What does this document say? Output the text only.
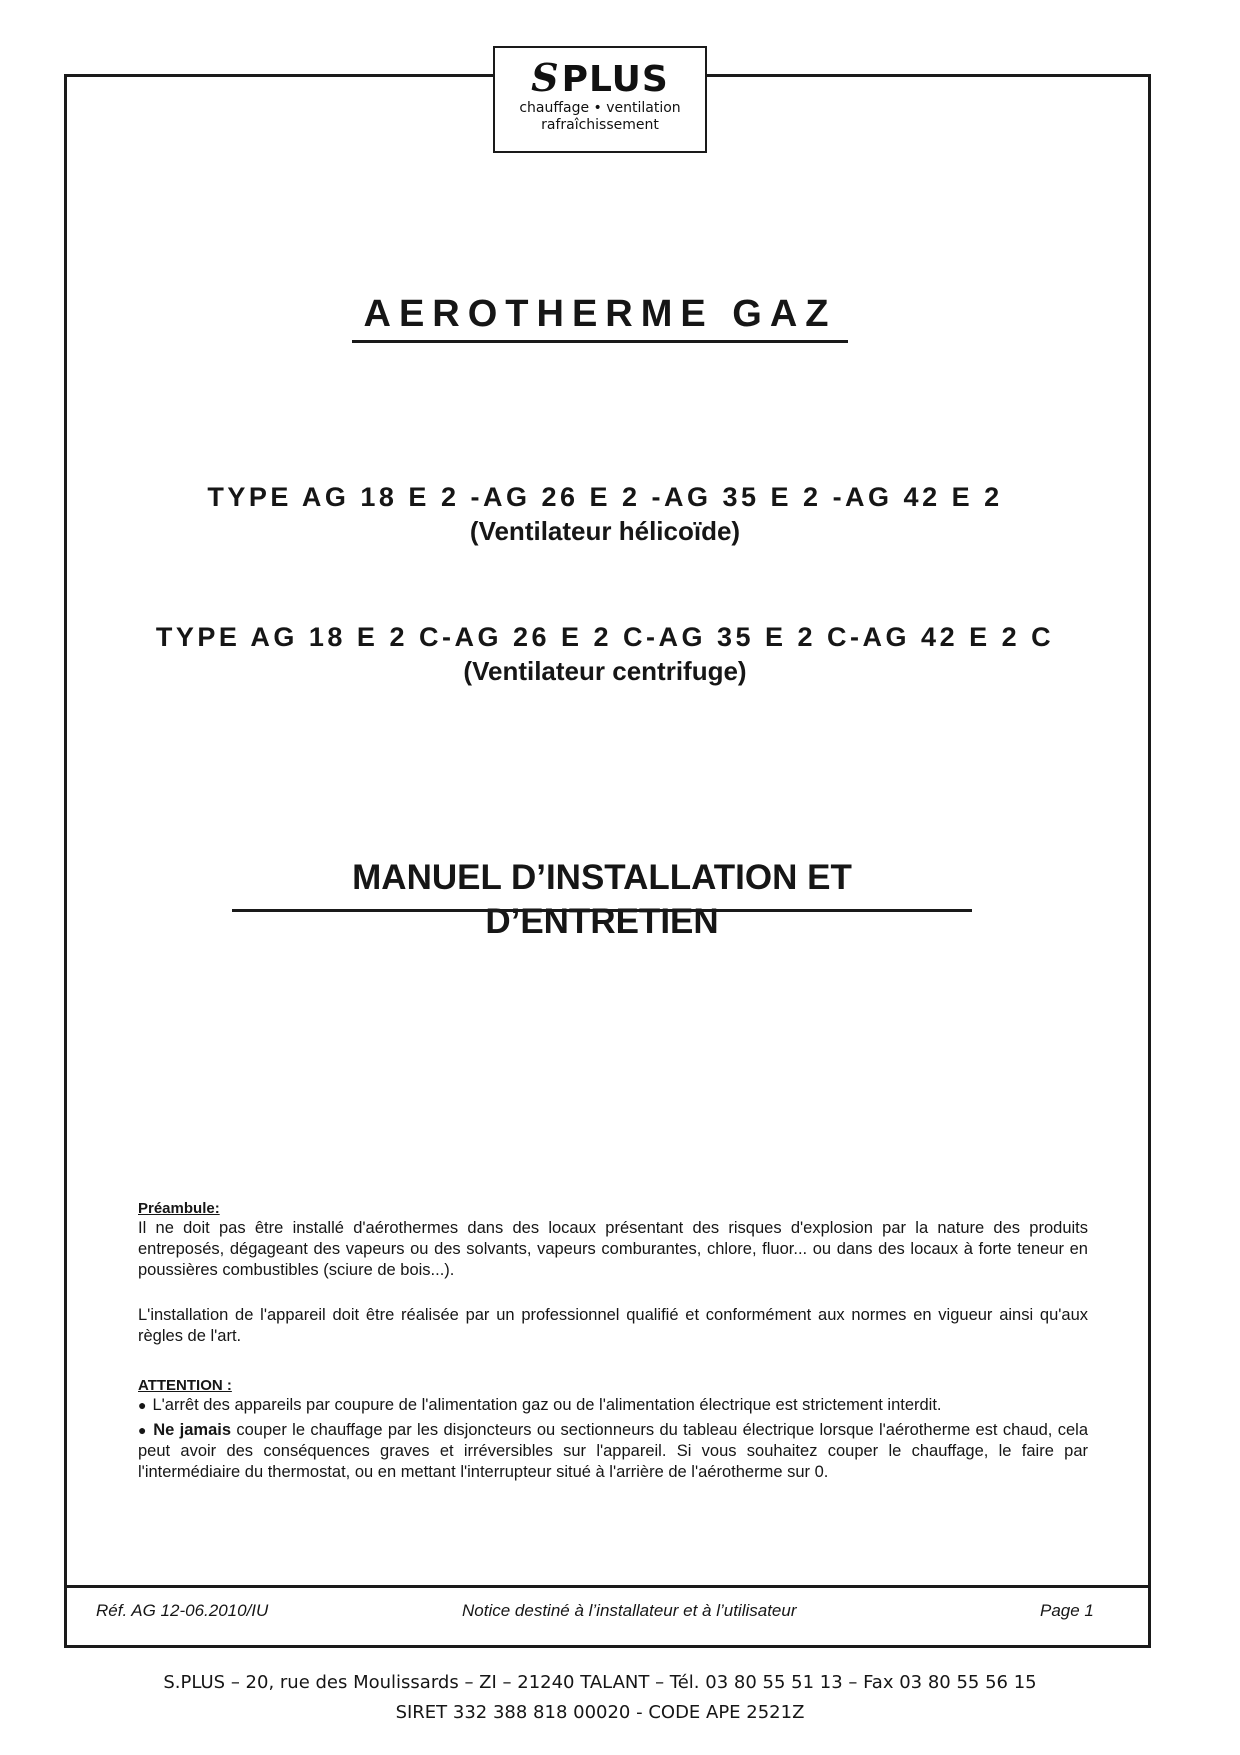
SPLUS
chauffage • ventilation
rafraîchissement
AEROTHERME GAZ

TYPE AG 18 E 2 -AG 26 E 2 -AG 35 E 2 -AG 42 E 2

(Ventilateur hélicoïde)

TYPE AG 18 E 2 C-AG 26 E 2 C-AG 35 E 2 C-AG 42 E 2 C

(Ventilateur centrifuge)

MANUEL D’INSTALLATION ET D’ENTRETIEN
Préambule:

Il ne doit pas être installé d'aérothermes dans des locaux présentant des risques d'explosion par la nature des produits entreposés, dégageant des vapeurs ou des solvants, vapeurs comburantes, chlore, fluor... ou dans des locaux à forte teneur en poussières combustibles (sciure de bois...).

L'installation de l'appareil doit être réalisée par un professionnel qualifié et conformément aux normes en vigueur ainsi qu'aux règles de l'art.

ATTENTION :

● L'arrêt des appareils par coupure de l'alimentation gaz ou de l'alimentation électrique est strictement interdit.

● Ne jamais couper le chauffage par les disjoncteurs ou sectionneurs du tableau électrique lorsque l'aérotherme est chaud, cela peut avoir des conséquences graves et irréversibles sur l'appareil. Si vous souhaitez couper le chauffage, le faire par l'intermédiaire du thermostat, ou en mettant l'interrupteur situé à l'arrière de l'aérotherme sur 0.

Réf. AG 12-06.2010/IU	Notice destiné à l’installateur et à l’utilisateur	Page 1
S.PLUS – 20, rue des Moulissards – ZI – 21240 TALANT – Tél. 03 80 55 51 13 – Fax 03 80 55 56 15
SIRET 332 388 818 00020 - CODE APE 2521Z
